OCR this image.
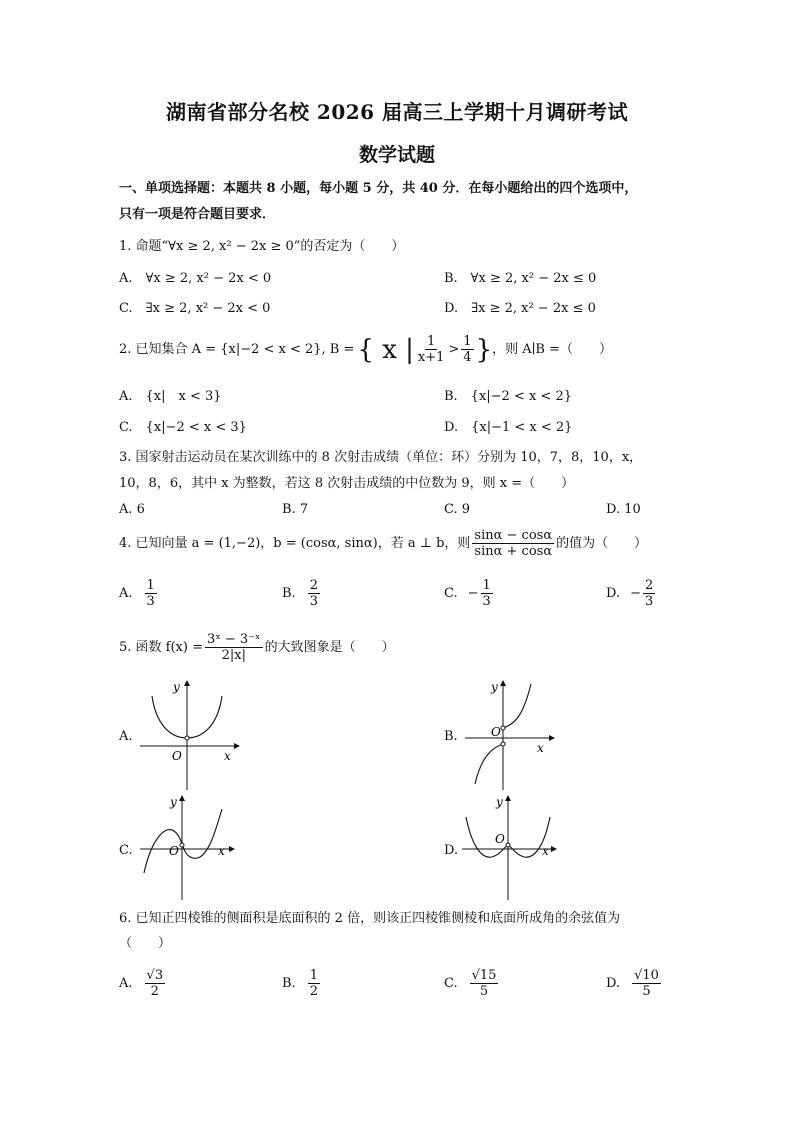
湖南省部分名校 2026 届高三上学期十月调研考试
数学试题
一、单项选择题：本题共 8 小题，每小题 5 分，共 40 分．在每小题给出的四个选项中，
只有一项是符合题目要求．
1. 命题“∀x ≥ 2, x² − 2x ≥ 0”的否定为（　　）
A.　∀x ≥ 2, x² − 2x < 0	B.　∀x ≥ 2, x² − 2x ≤ 0
C.　∃x ≥ 2, x² − 2x < 0	D.　∃x ≥ 2, x² − 2x ≤ 0
2. 已知集合 A = {x|−2 < x < 2}, B = { x | $\frac{1}{x+1} > \frac{1}{4}$ } ，则 A∣B =（　　）
A.　{x|　x < 3}	B.　{x|−2 < x < 2}
C.　{x|−2 < x < 3}	D.　{x|−1 < x < 2}
3. 国家射击运动员在某次训练中的 8 次射击成绩（单位：环）分别为 10，7，8，10，x，
10，8，6，其中 x 为整数，若这 8 次射击成绩的中位数为 9，则 x =（　　）
A. 6	B. 7	C. 9	D. 10
4. 已知向量 a = (1,−2)，b = (cosα, sinα)，若 a ⊥ b，则 $\frac{\sin\alpha - \cos\alpha}{\sin\alpha + \cos\alpha}$ 的值为（　　）
A. $\frac{1}{3}$	B. $\frac{2}{3}$	C. − $\frac{1}{3}$	D. − $\frac{2}{3}$
5. 函数 $f(x) = \frac{\text{3ˣ − 3⁻ˣ}}{2|x|}$ 的大致图象是（　　）
A.
O	x
y
B.	O
x
y
C.	O	x
y
D.
O
x
y
6. 已知正四棱锥的侧面积是底面积的 2 倍，则该正四棱锥侧棱和底面所成角的余弦值为
（　　）
A. $\frac{√3}{2}$	B. $\frac{1}{2}$	C. $\frac{√15}{5}$	D. $\frac{√10}{5}$
